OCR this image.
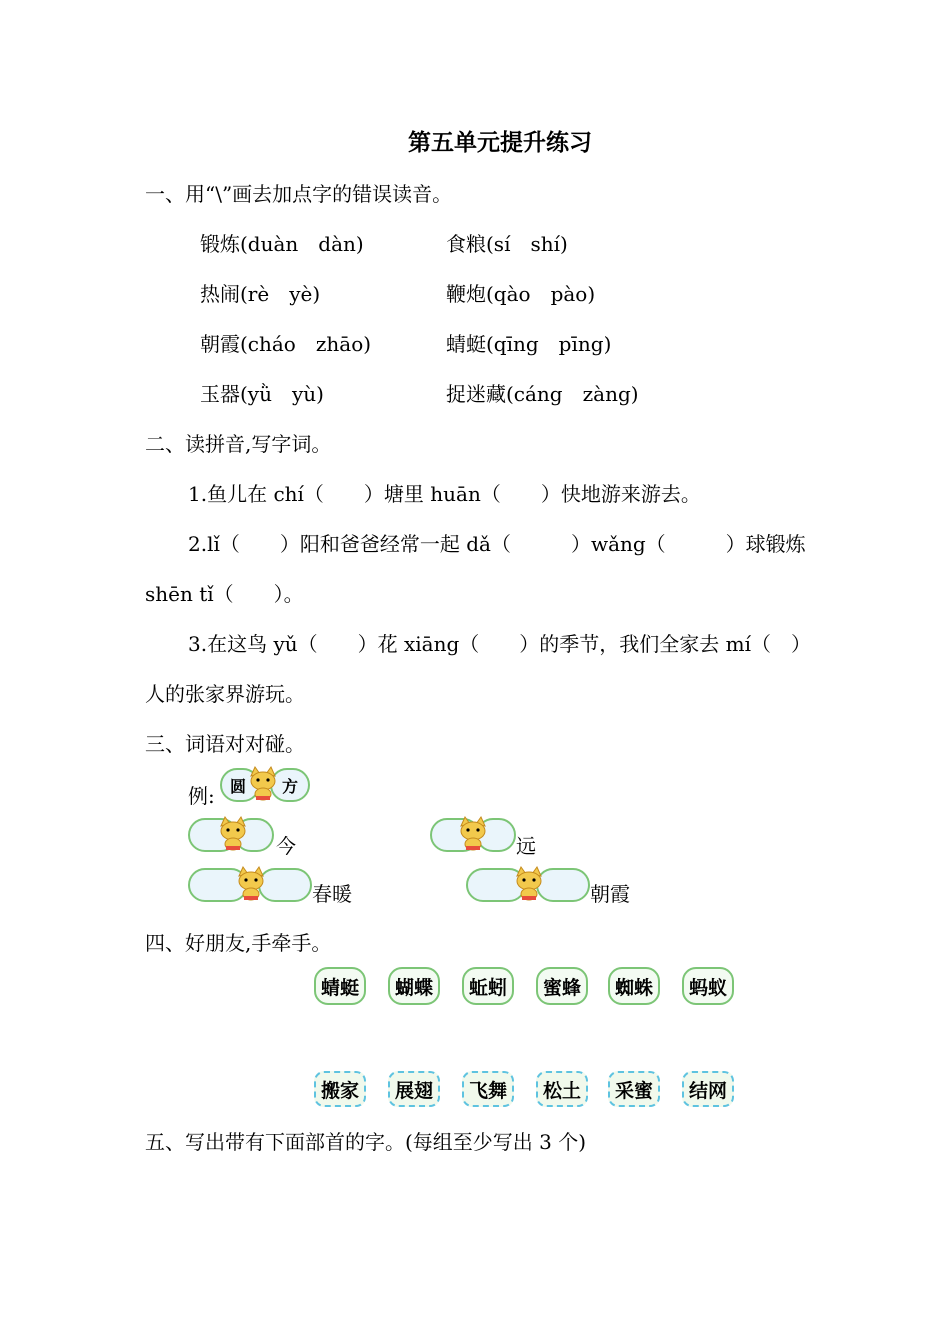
第五单元提升练习
一、用“\”画去加点字的错误读音。
锻炼(duàn　dàn)	食粮(sí　shí)
热闹(rè　yè)	鞭炮(qào　pào)
朝霞(cháo　zhāo)	蜻蜓(qīng　pīng)
玉器(yǜ　yù)	捉迷藏(cáng　zàng)
二、读拼音,写字词。
1.鱼儿在 chí（　　）塘里 huān（　　）快地游来游去。
2.lǐ（　　）阳和爸爸经常一起 dǎ（　　　）wǎng（　　　）球锻炼
shēn tǐ（　　）。
3.在这鸟 yǔ（　　）花 xiāng（　　）的季节，我们全家去 mí（　）
人的张家界游玩。
三、词语对对碰。
例: 圆 方
今	远
春暖	朝霞
四、好朋友,手牵手。
蜻蜓	蝴蝶	蚯蚓	蜜蜂	蜘蛛	蚂蚁
搬家	展翅	飞舞	松土	采蜜	结网
五、写出带有下面部首的字。(每组至少写出 3 个)
